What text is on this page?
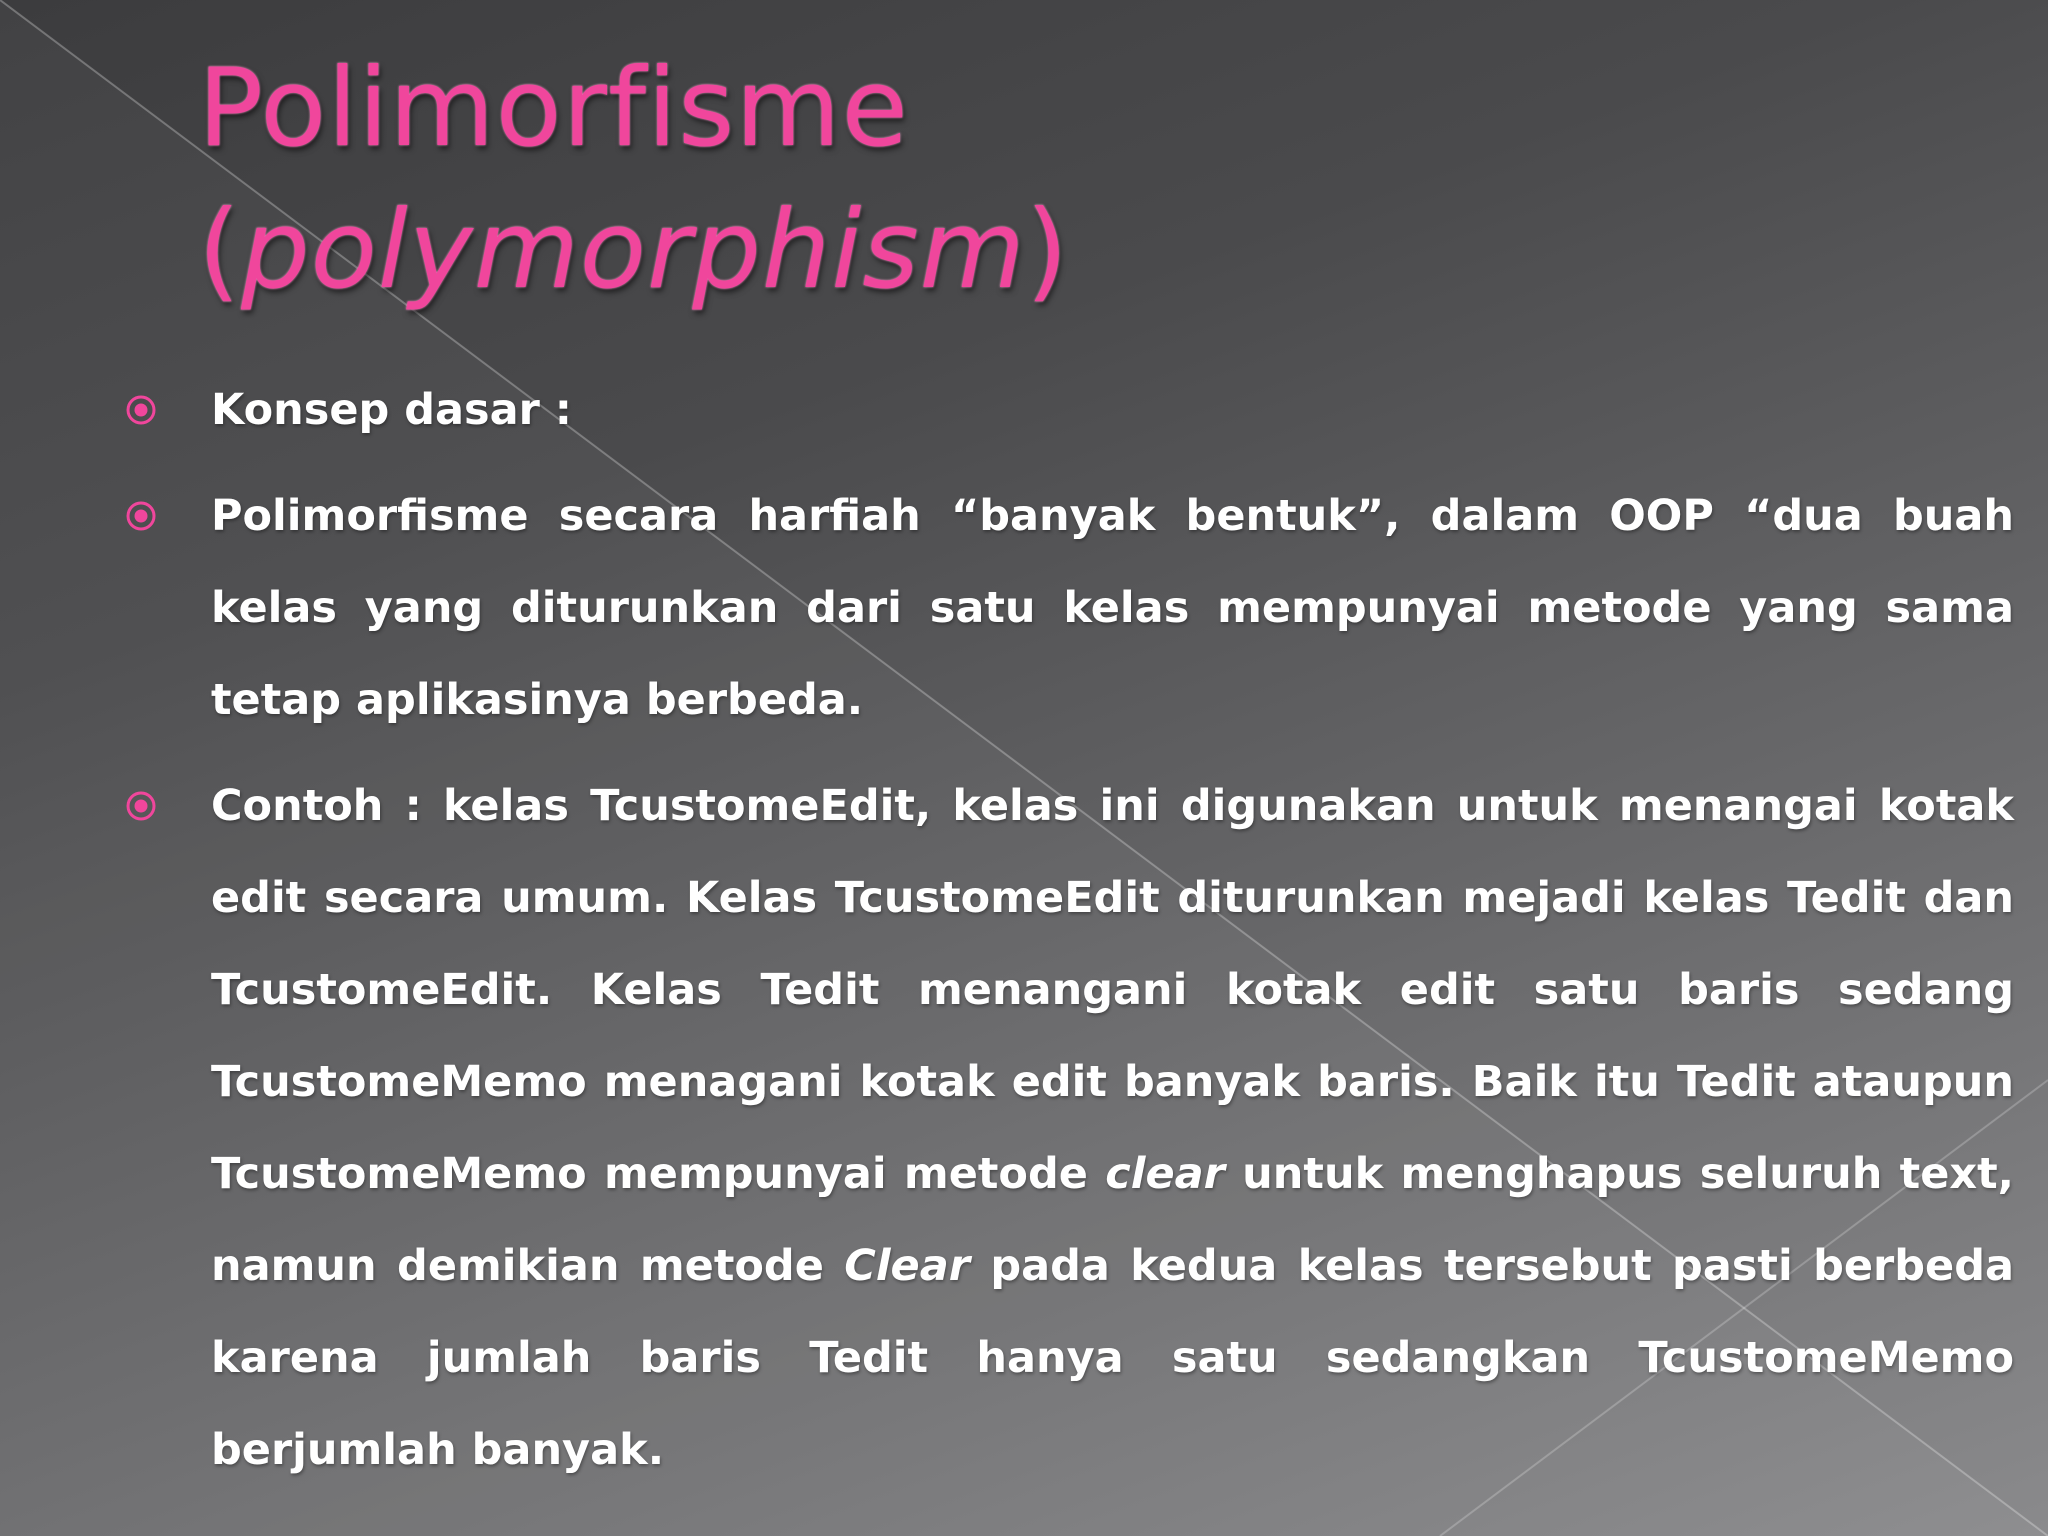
Polimorfisme
(polymorphism)
Konsep dasar :
Polimorfisme secara harfiah “banyak bentuk”, dalam OOP “dua buah kelas yang diturunkan dari satu kelas mempunyai metode yang sama tetap aplikasinya berbeda.
Contoh : kelas TcustomeEdit, kelas ini digunakan untuk menangai kotak edit secara umum. Kelas TcustomeEdit diturunkan mejadi kelas Tedit dan TcustomeEdit. Kelas Tedit menangani kotak edit satu baris sedang TcustomeMemo menagani kotak edit banyak baris. Baik itu Tedit ataupun TcustomeMemo mempunyai metode clear untuk menghapus seluruh text, namun demikian metode Clear pada kedua kelas tersebut pasti berbeda karena jumlah baris Tedit hanya satu sedangkan TcustomeMemo berjumlah banyak.
